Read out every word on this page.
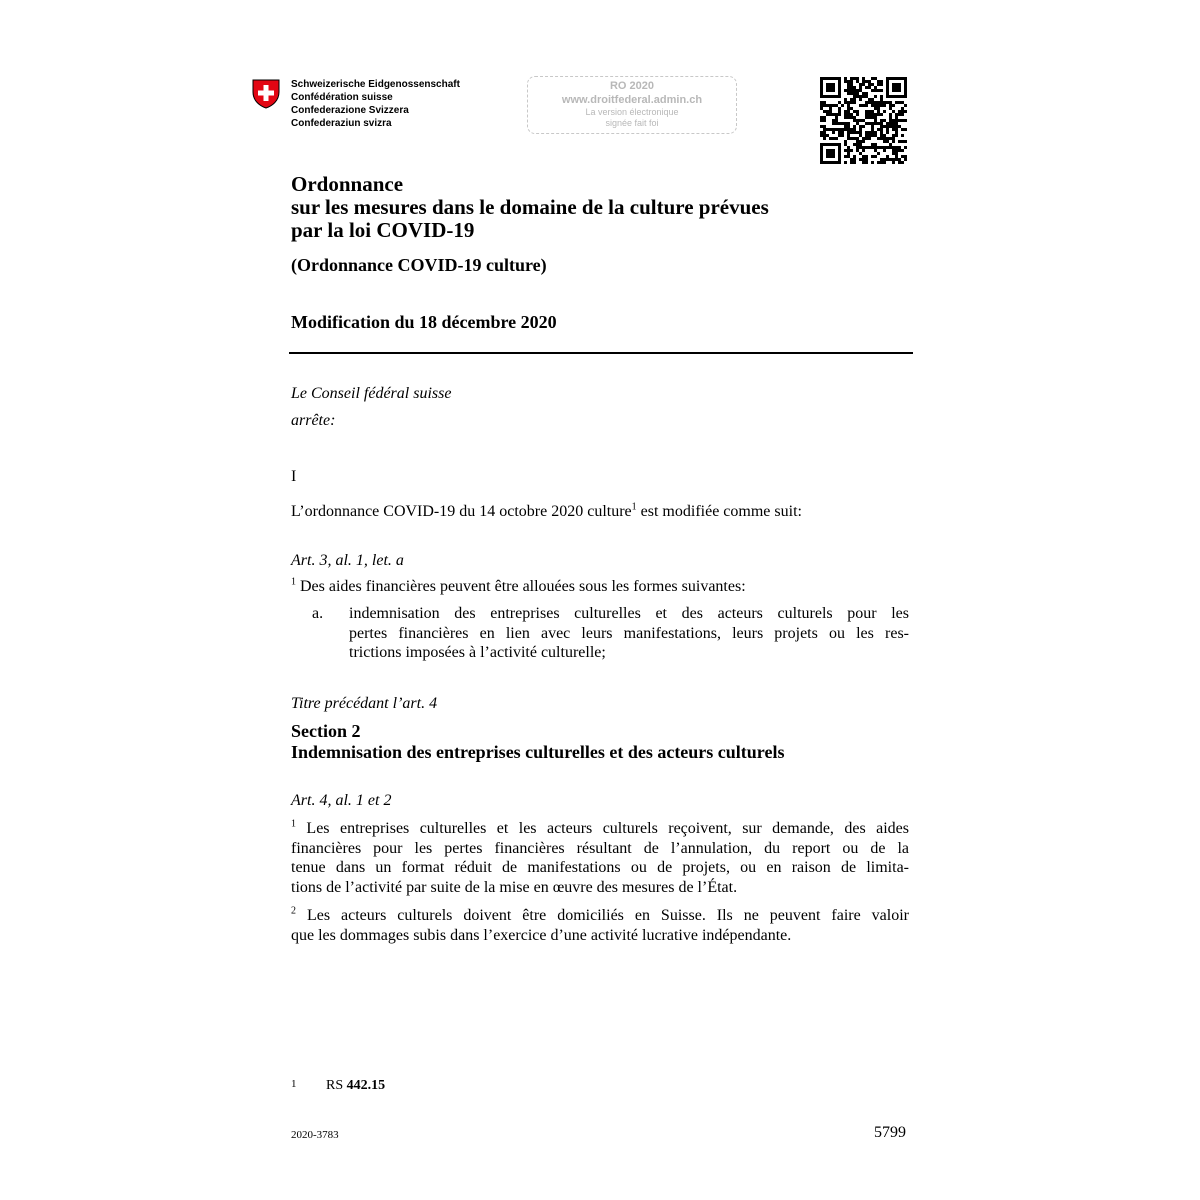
Schweizerische Eidgenossenschaft
Confédération suisse
Confederazione Svizzera
Confederaziun svizra
RO 2020
www.droitfederal.admin.ch
La version électronique
signée fait foi
Ordonnance
sur les mesures dans le domaine de la culture prévues
par la loi COVID-19
(Ordonnance COVID-19 culture)
Modification du 18 décembre 2020
Le Conseil fédéral suisse
arrête:
I
L’ordonnance COVID-19 du 14 octobre 2020 culture$^1$ est modifiée comme suit:
Art. 3, al. 1, let. a
$^1$ Des aides financières peuvent être allouées sous les formes suivantes:
a. indemnisation des entreprises culturelles et des acteurs culturels pour les
pertes financières en lien avec leurs manifestations, leurs projets ou les res-
trictions imposées à l’activité culturelle;
Titre précédant l’art. 4
Section 2
Indemnisation des entreprises culturelles et des acteurs culturels
Art. 4, al. 1 et 2
$^1$ Les entreprises culturelles et les acteurs culturels reçoivent, sur demande, des aides
financières pour les pertes financières résultant de l’annulation, du report ou de la
tenue dans un format réduit de manifestations ou de projets, ou en raison de limita-
tions de l’activité par suite de la mise en œuvre des mesures de l’État.
$^2$ Les acteurs culturels doivent être domiciliés en Suisse. Ils ne peuvent faire valoir
que les dommages subis dans l’exercice d’une activité lucrative indépendante.
1 RS 442.15
2020-3783	5799
